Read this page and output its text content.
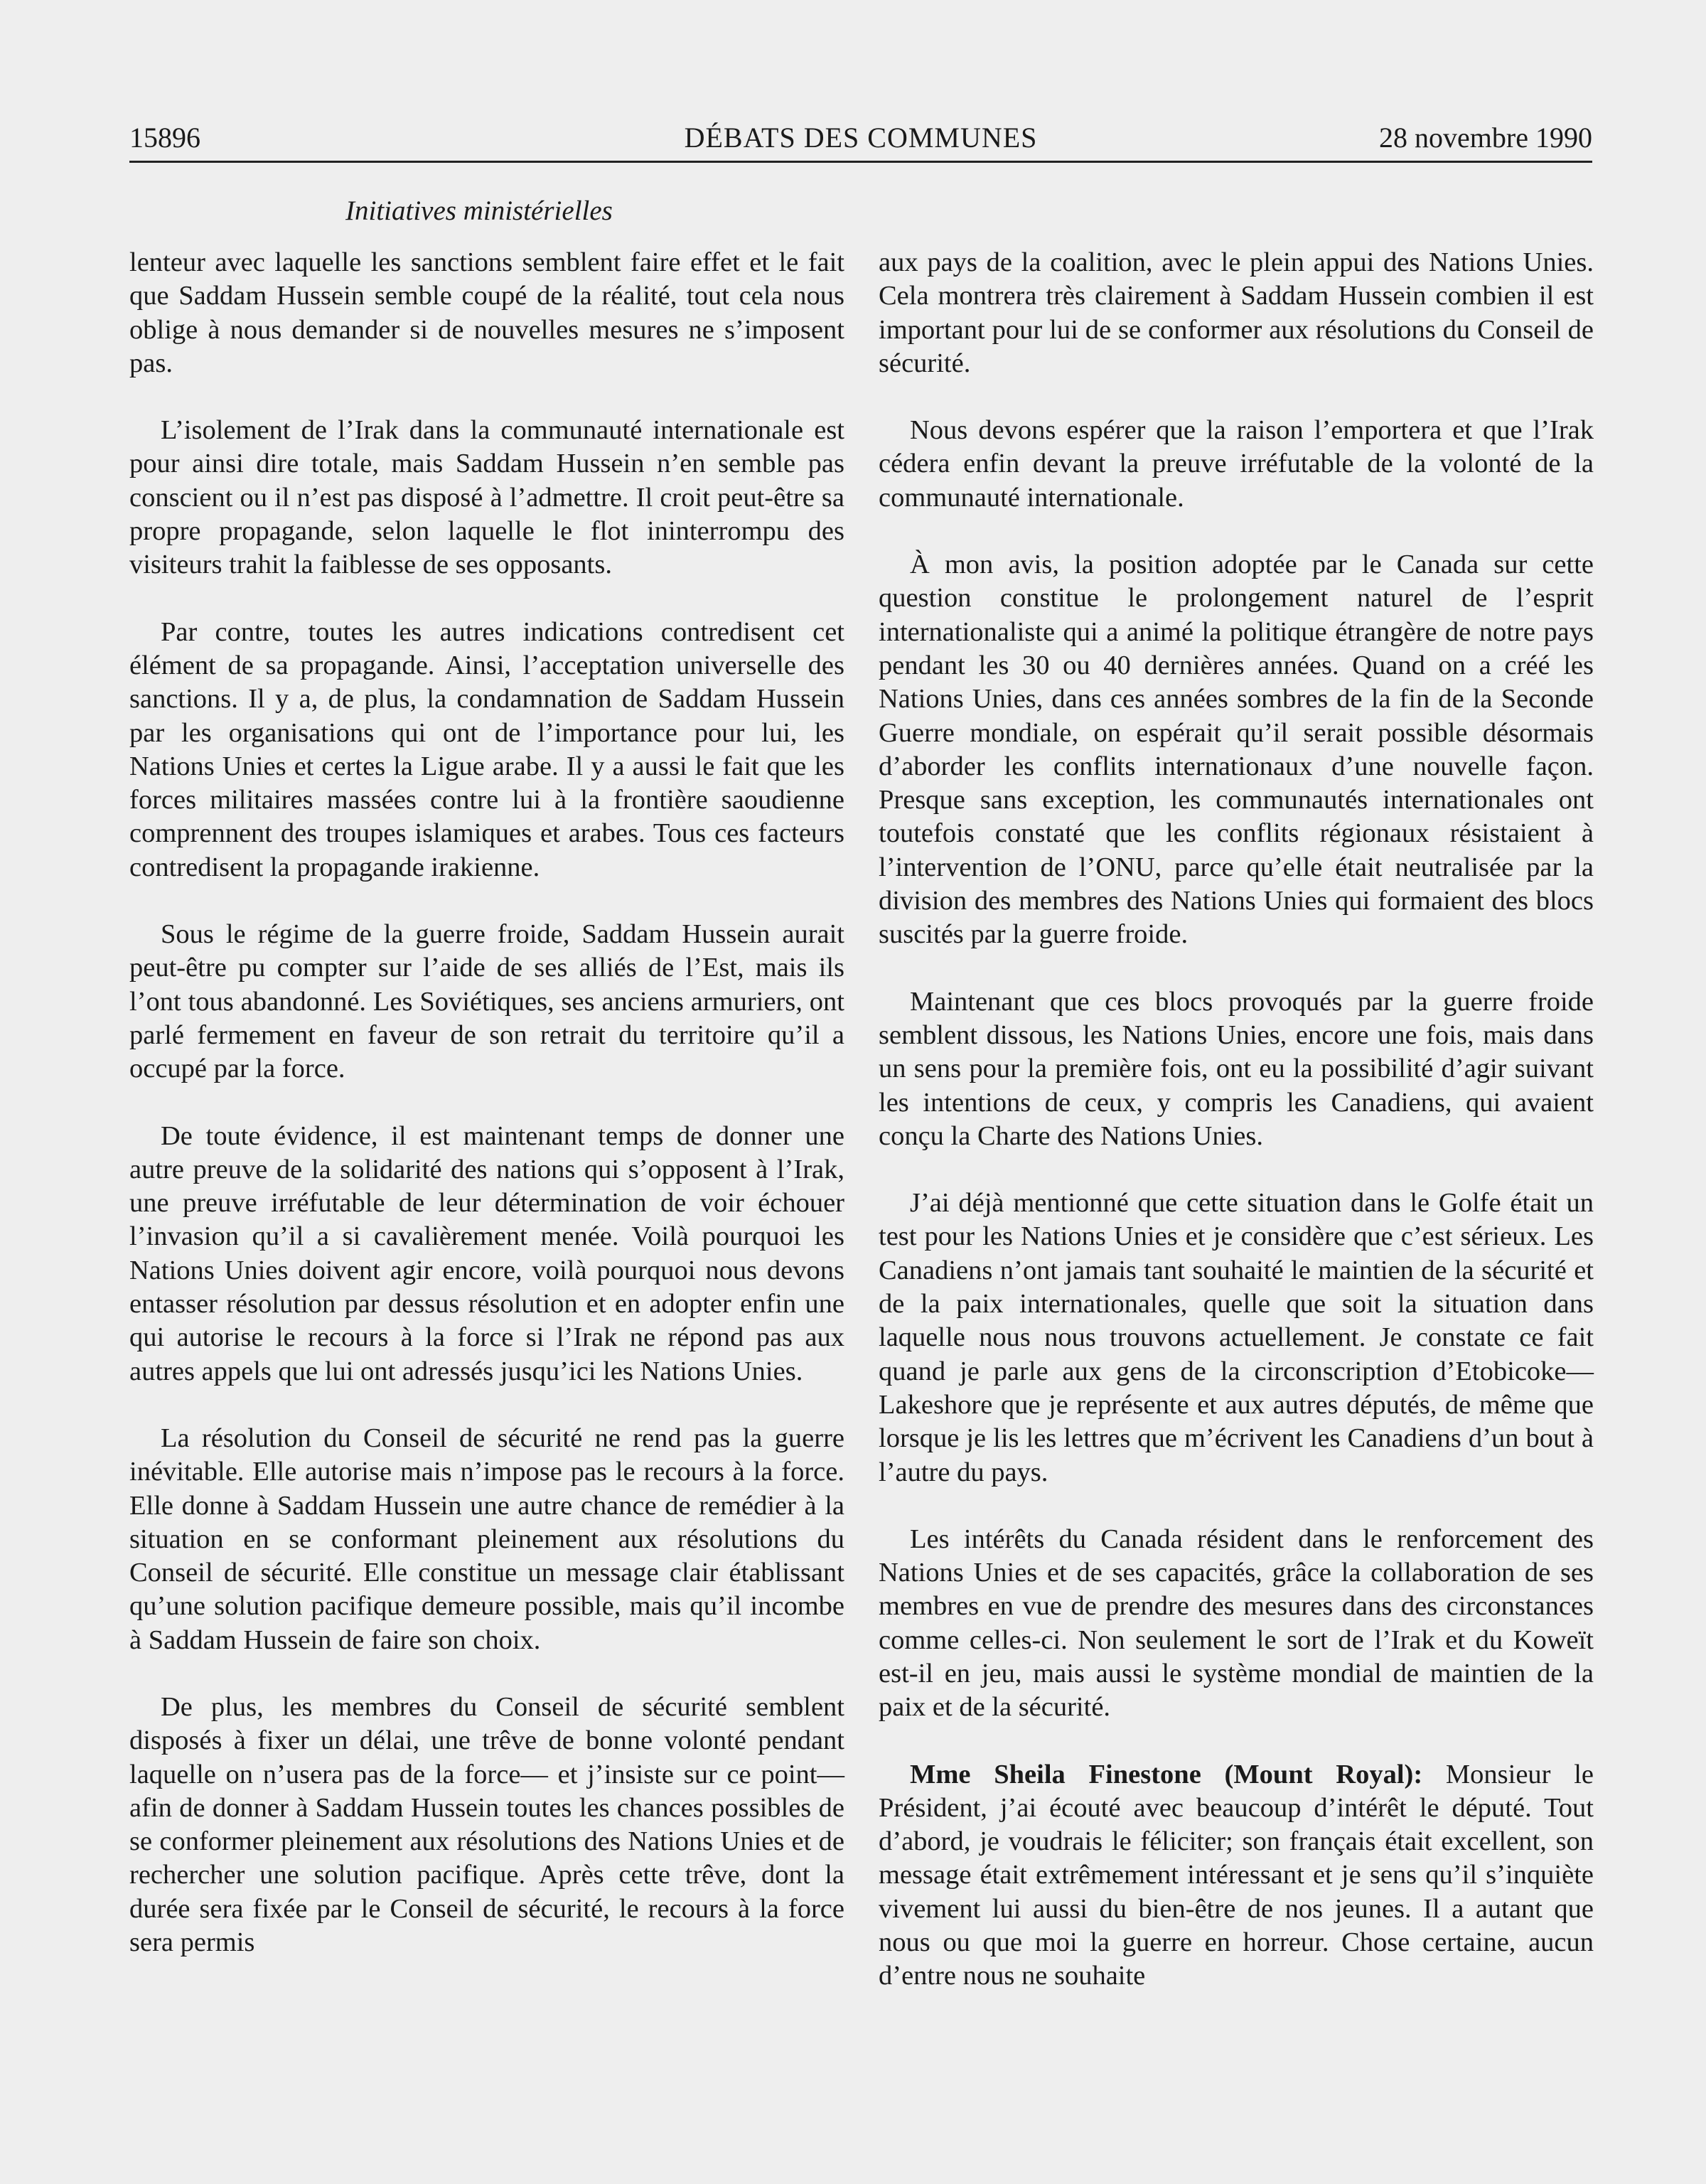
15896	DÉBATS DES COMMUNES	28 novembre 1990
Initiatives ministérielles

lenteur avec laquelle les sanctions semblent faire effet et le fait que Saddam Hussein semble coupé de la réalité, tout cela nous oblige à nous demander si de nouvelles mesures ne s’imposent pas.

L’isolement de l’Irak dans la communauté internationale est pour ainsi dire totale, mais Saddam Hussein n’en semble pas conscient ou il n’est pas disposé à l’admettre. Il croit peut-être sa propre propagande, selon laquelle le flot ininterrompu des visiteurs trahit la faiblesse de ses opposants.

Par contre, toutes les autres indications contredisent cet élément de sa propagande. Ainsi, l’acceptation universelle des sanctions. Il y a, de plus, la condamnation de Saddam Hussein par les organisations qui ont de l’importance pour lui, les Nations Unies et certes la Ligue arabe. Il y a aussi le fait que les forces militaires massées contre lui à la frontière saoudienne comprennent des troupes islamiques et arabes. Tous ces facteurs contredisent la propagande irakienne.

Sous le régime de la guerre froide, Saddam Hussein aurait peut-être pu compter sur l’aide de ses alliés de l’Est, mais ils l’ont tous abandonné. Les Soviétiques, ses anciens armuriers, ont parlé fermement en faveur de son retrait du territoire qu’il a occupé par la force.

De toute évidence, il est maintenant temps de donner une autre preuve de la solidarité des nations qui s’opposent à l’Irak, une preuve irréfutable de leur détermination de voir échouer l’invasion qu’il a si cavalièrement menée. Voilà pourquoi les Nations Unies doivent agir encore, voilà pourquoi nous devons entasser résolution par dessus résolution et en adopter enfin une qui autorise le recours à la force si l’Irak ne répond pas aux autres appels que lui ont adressés jusqu’ici les Nations Unies.

La résolution du Conseil de sécurité ne rend pas la guerre inévitable. Elle autorise mais n’impose pas le recours à la force. Elle donne à Saddam Hussein une autre chance de remédier à la situation en se conformant pleinement aux résolutions du Conseil de sécurité. Elle constitue un message clair établissant qu’une solution pacifique demeure possible, mais qu’il incombe à Saddam Hussein de faire son choix.

De plus, les membres du Conseil de sécurité semblent disposés à fixer un délai, une trêve de bonne volonté pendant laquelle on n’usera pas de la force— et j’insiste sur ce point—afin de donner à Saddam Hussein toutes les chances possibles de se conformer pleinement aux résolutions des Nations Unies et de rechercher une solution pacifique. Après cette trêve, dont la durée sera fixée par le Conseil de sécurité, le recours à la force sera permis

aux pays de la coalition, avec le plein appui des Nations Unies. Cela montrera très clairement à Saddam Hussein combien il est important pour lui de se conformer aux résolutions du Conseil de sécurité.

Nous devons espérer que la raison l’emportera et que l’Irak cédera enfin devant la preuve irréfutable de la volonté de la communauté internationale.

À mon avis, la position adoptée par le Canada sur cette question constitue le prolongement naturel de l’esprit internationaliste qui a animé la politique étrangère de notre pays pendant les 30 ou 40 dernières années. Quand on a créé les Nations Unies, dans ces années sombres de la fin de la Seconde Guerre mondiale, on espérait qu’il serait possible désormais d’aborder les conflits internationaux d’une nouvelle façon. Presque sans exception, les communautés internationales ont toutefois constaté que les conflits régionaux résistaient à l’intervention de l’ONU, parce qu’elle était neutralisée par la division des membres des Nations Unies qui formaient des blocs suscités par la guerre froide.

Maintenant que ces blocs provoqués par la guerre froide semblent dissous, les Nations Unies, encore une fois, mais dans un sens pour la première fois, ont eu la possibilité d’agir suivant les intentions de ceux, y compris les Canadiens, qui avaient conçu la Charte des Nations Unies.

J’ai déjà mentionné que cette situation dans le Golfe était un test pour les Nations Unies et je considère que c’est sérieux. Les Canadiens n’ont jamais tant souhaité le maintien de la sécurité et de la paix internationales, quelle que soit la situation dans laquelle nous nous trouvons actuellement. Je constate ce fait quand je parle aux gens de la circonscription d’Etobicoke—Lakeshore que je représente et aux autres députés, de même que lorsque je lis les lettres que m’écrivent les Canadiens d’un bout à l’autre du pays.

Les intérêts du Canada résident dans le renforcement des Nations Unies et de ses capacités, grâce la collaboration de ses membres en vue de prendre des mesures dans des circonstances comme celles-ci. Non seulement le sort de l’Irak et du Koweït est-il en jeu, mais aussi le système mondial de maintien de la paix et de la sécurité.

Mme Sheila Finestone (Mount Royal): Monsieur le Président, j’ai écouté avec beaucoup d’intérêt le député. Tout d’abord, je voudrais le féliciter; son français était excellent, son message était extrêmement intéressant et je sens qu’il s’inquiète vivement lui aussi du bien-être de nos jeunes. Il a autant que nous ou que moi la guerre en horreur. Chose certaine, aucun d’entre nous ne souhaite
